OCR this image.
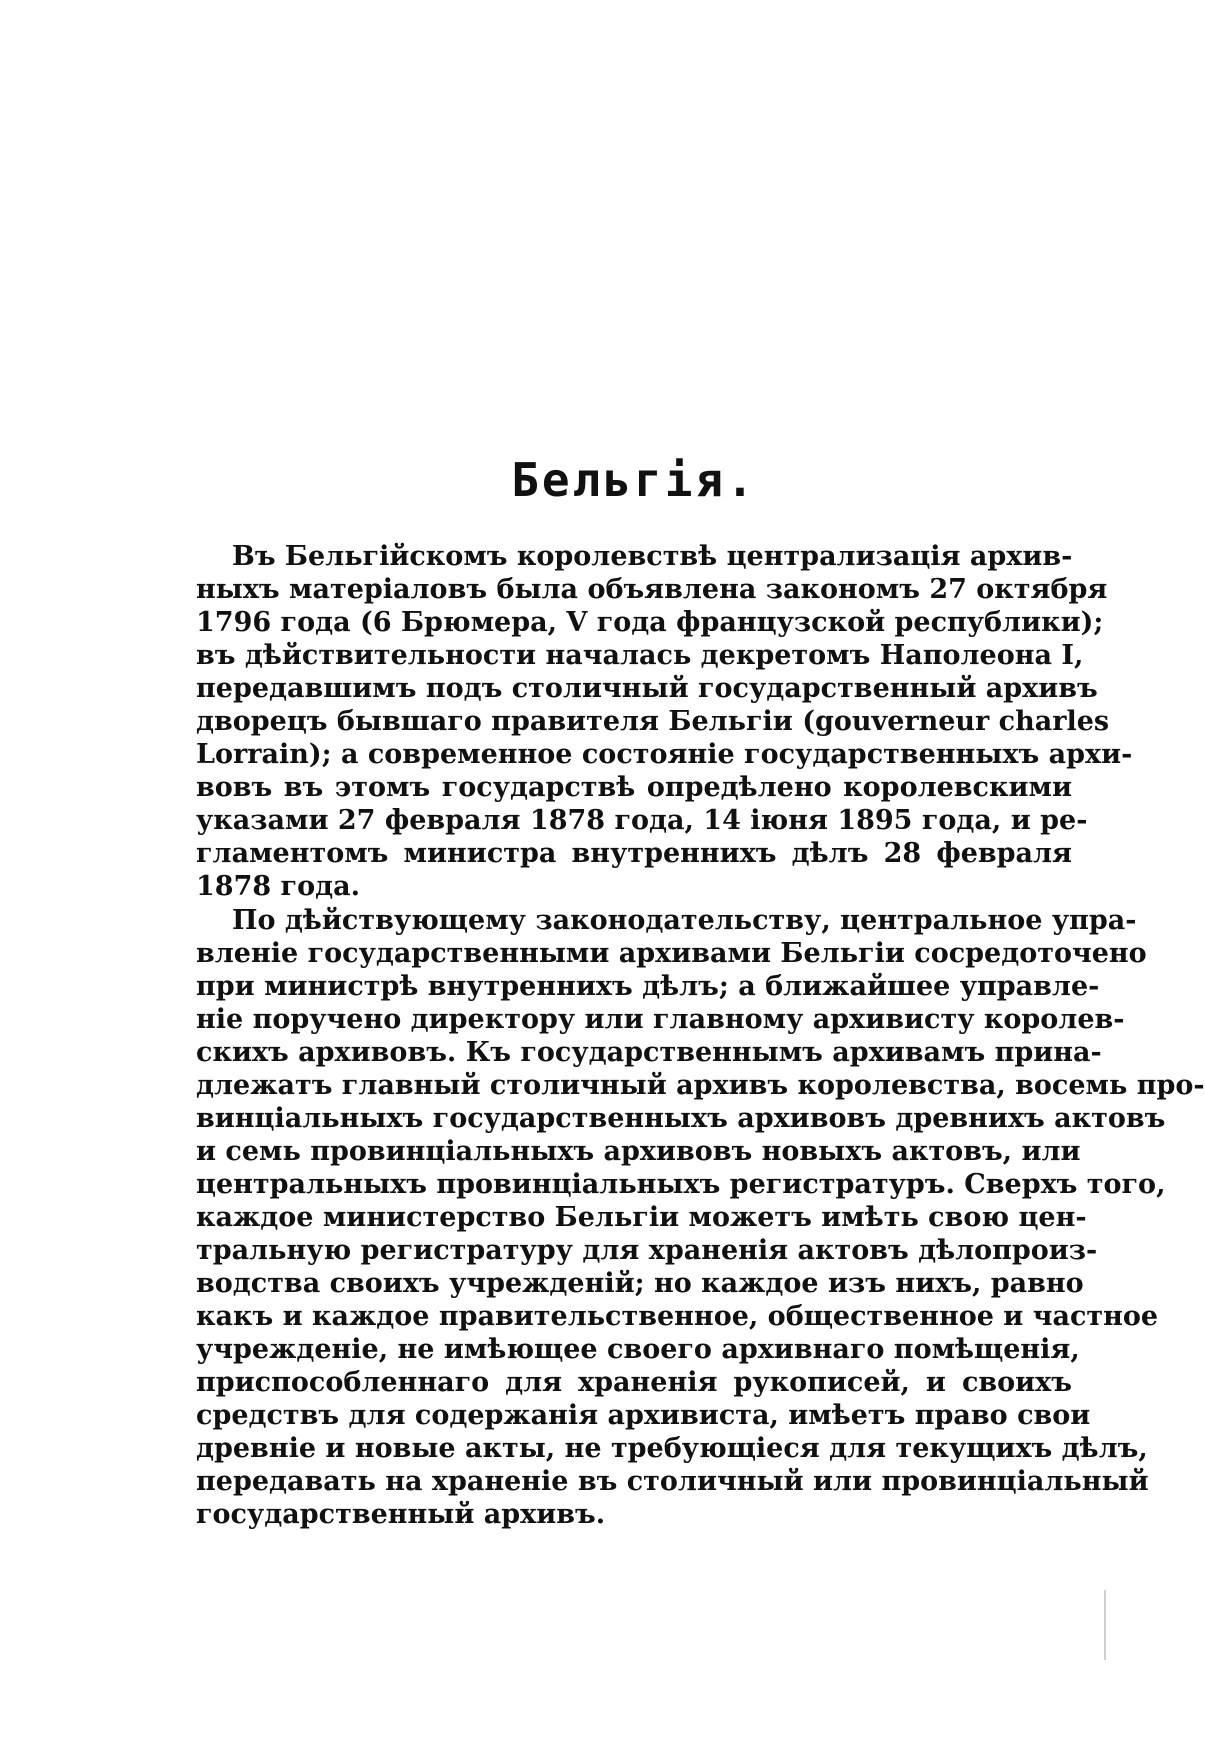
Бельгія.
Въ Бельгійскомъ королевствѣ централизація архив-
ныхъ матеріаловъ была объявлена закономъ 27 октября
1796 года (6 Брюмера, V года французской республики);
въ дѣйствительности началась декретомъ Наполеона I,
передавшимъ подъ столичный государственный архивъ
дворецъ бывшаго правителя Бельгіи (gouverneur charles
Lorrain); а современное состояніе государственныхъ архи-
вовъ въ этомъ государствѣ опредѣлено королевскими
указами 27 февраля 1878 года, 14 іюня 1895 года, и ре-
гламентомъ министра внутреннихъ дѣлъ 28 февраля
1878 года.
По дѣйствующему законодательству, центральное упра-
вленіе государственными архивами Бельгіи сосредоточено
при министрѣ внутреннихъ дѣлъ; а ближайшее управле-
ніе поручено директору или главному архивисту королев-
скихъ архивовъ. Къ государственнымъ архивамъ прина-
длежатъ главный столичный архивъ королевства, восемь про-
винціальныхъ государственныхъ архивовъ древнихъ актовъ
и семь провинціальныхъ архивовъ новыхъ актовъ, или
центральныхъ провинціальныхъ регистратуръ. Сверхъ того,
каждое министерство Бельгіи можетъ имѣть свою цен-
тральную регистратуру для храненія актовъ дѣлопроиз-
водства своихъ учрежденій; но каждое изъ нихъ, равно
какъ и каждое правительственное, общественное и частное
учрежденіе, не имѣющее своего архивнаго помѣщенія,
приспособленнаго для храненія рукописей, и своихъ
средствъ для содержанія архивиста, имѣетъ право свои
древніе и новые акты, не требующіеся для текущихъ дѣлъ,
передавать на храненіе въ столичный или провинціальный
государственный архивъ.
